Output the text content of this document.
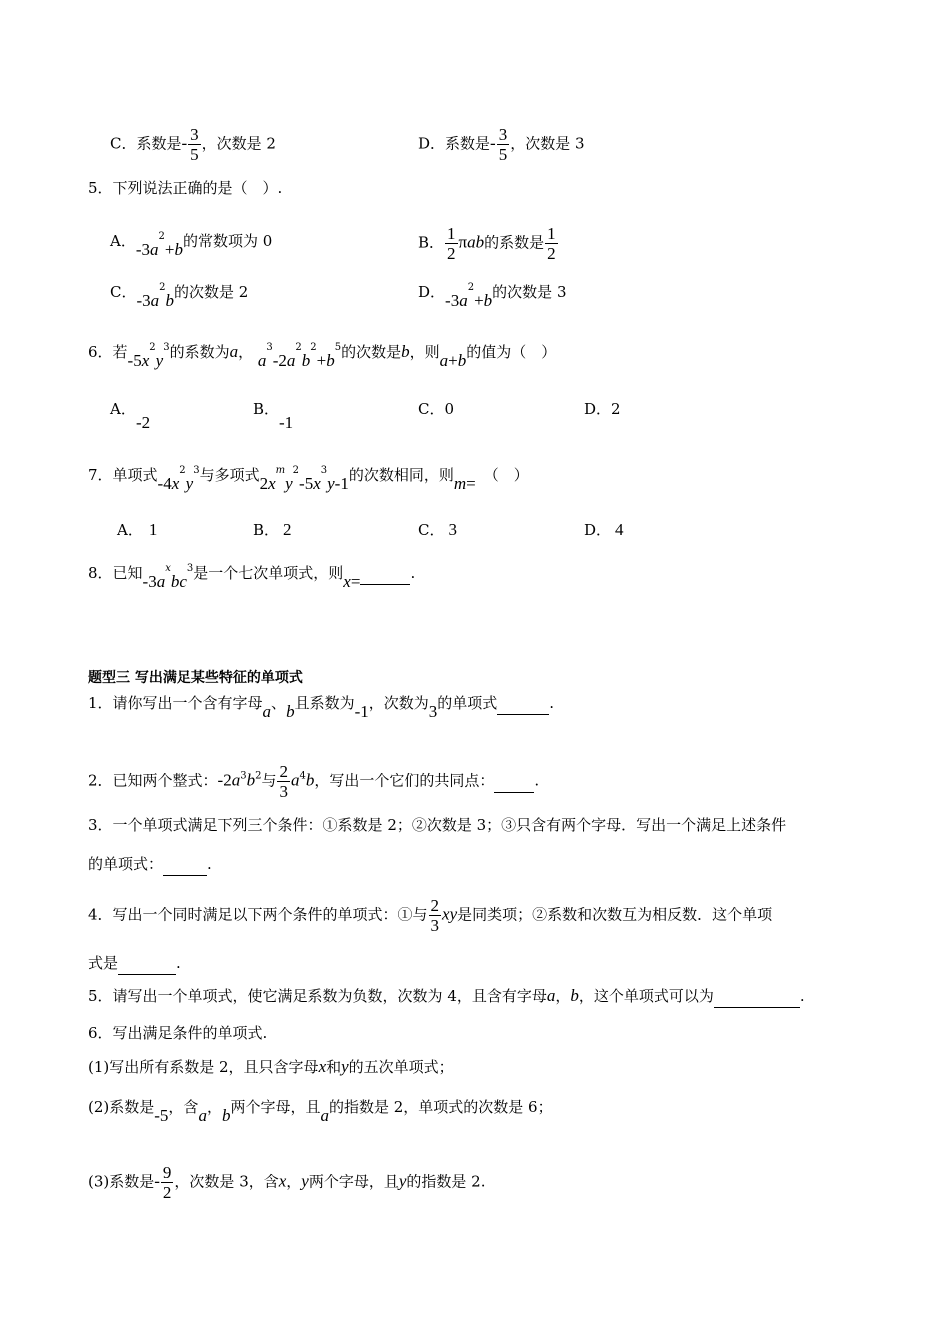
C．系数是- $\frac{3}{5}$ ，次数是 2	D．系数是- $\frac{3}{5}$ ，次数是 3
5．下列说法正确的是（　）.
A．$-3a^2+b$的常数项为 0	B． $\frac{1}{2}$ πab的系数是 $\frac{1}{2}$
C．$-3a^2b$的次数是 2	D．$-3a^2+b$的次数是 3
6．若$-5x^2y^3$的系数为a， $a^3-2a^2b^2+b^5$的次数是b，则a+b的值为（　）
A．
-2
B．
-1
C．0	D．2
7．单项式$-4x^2y^3$与多项式$2x^my^2-5x^3y-1$的次数相同，则m= （　）
A． 1	B． 2	C． 3	D． 4
8．已知$-3a^xbc^3$是一个七次单项式，则x=	.
题型三 写出满足某些特征的单项式
1．请你写出一个含有字母a、b且系数为-1，次数为3的单项式	.
2．已知两个整式：$-2a^3b^2$与 $\frac{2}{3} a^4b$，写出一个它们的共同点：	.
3．一个单项式满足下列三个条件：①系数是 2；②次数是 3；③只含有两个字母．写出一个满足上述条件
的单项式：	.
4．写出一个同时满足以下两个条件的单项式：①与 $\frac{2}{3}$ xy是同类项；②系数和次数互为相反数．这个单项
式是	.
5．请写出一个单项式，使它满足系数为负数，次数为 4，且含有字母a，b，这个单项式可以为	.
6．写出满足条件的单项式.
(1)写出所有系数是 2，且只含字母x和y的五次单项式；
(2)系数是-5，含a，b两个字母，且a的指数是 2，单项式的次数是 6；
(3)系数是- $\frac{9}{2}$ ，次数是 3，含x，y两个字母，且y的指数是 2.
